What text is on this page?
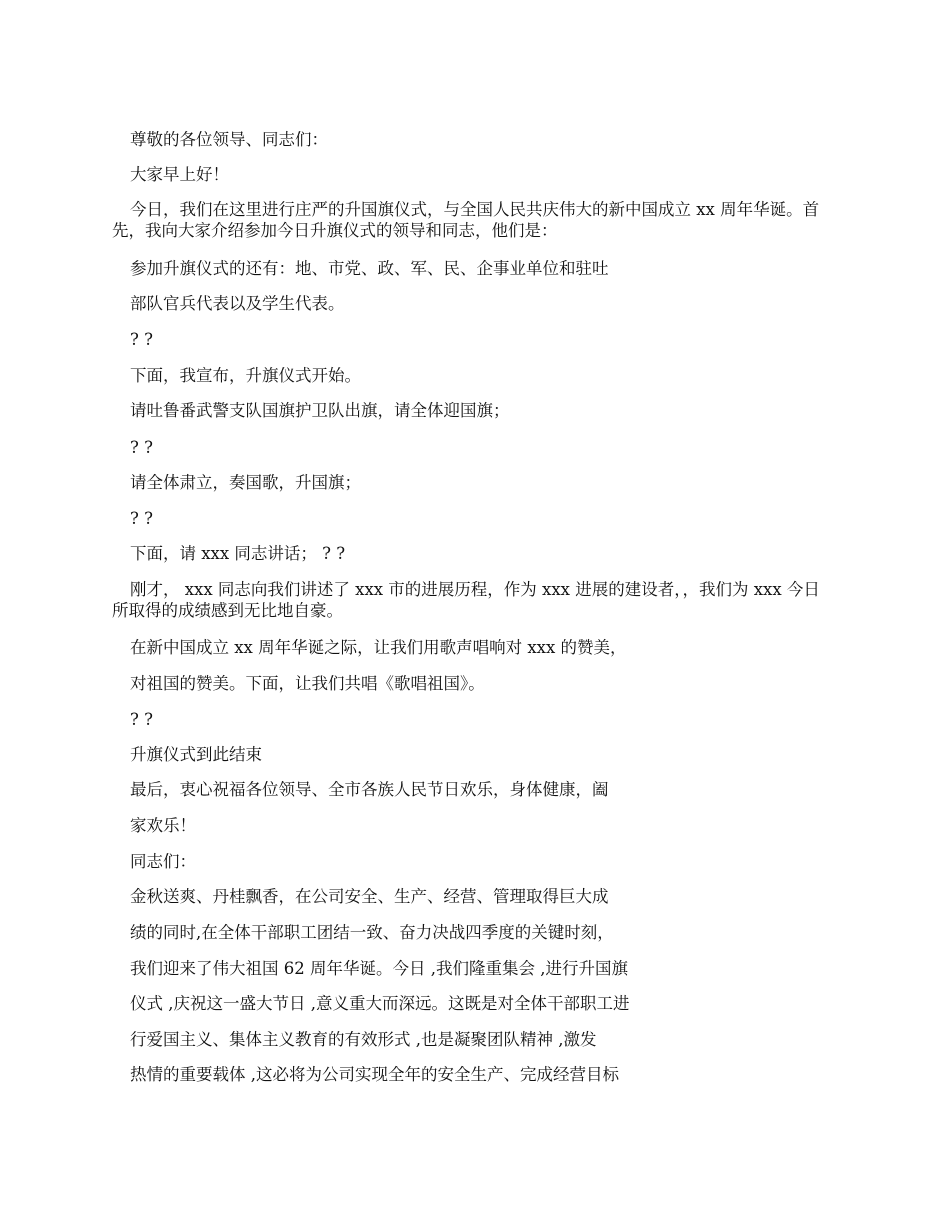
尊敬的各位领导、同志们：

大家早上好！

今日，我们在这里进行庄严的升国旗仪式，与全国人民共庆伟大的新中国成立 xx 周年华诞。首先，我向大家介绍参加今日升旗仪式的领导和同志，他们是：

参加升旗仪式的还有：地、市党、政、军、民、企事业单位和驻吐

部队官兵代表以及学生代表。

? ?

下面，我宣布，升旗仪式开始。

请吐鲁番武警支队国旗护卫队出旗，请全体迎国旗；

? ?

请全体肃立，奏国歌，升国旗；

? ?

下面，请 xxx 同志讲话； ? ?

刚才， xxx 同志向我们讲述了 xxx 市的进展历程，作为 xxx 进展的建设者，，我们为 xxx 今日所取得的成绩感到无比地自豪。

在新中国成立 xx 周年华诞之际，让我们用歌声唱响对 xxx 的赞美，

对祖国的赞美。下面，让我们共唱《歌唱祖国》。

? ?

升旗仪式到此结束

最后，衷心祝福各位领导、全市各族人民节日欢乐，身体健康，阖

家欢乐！

同志们：

金秋送爽、丹桂飘香，在公司安全、生产、经营、管理取得巨大成

绩的同时,在全体干部职工团结一致、奋力决战四季度的关键时刻，

我们迎来了伟大祖国 62 周年华诞。今日 ,我们隆重集会 ,进行升国旗

仪式 ,庆祝这一盛大节日 ,意义重大而深远。这既是对全体干部职工进

行爱国主义、集体主义教育的有效形式 ,也是凝聚团队精神 ,激发

热情的重要载体 ,这必将为公司实现全年的安全生产、完成经营目标
